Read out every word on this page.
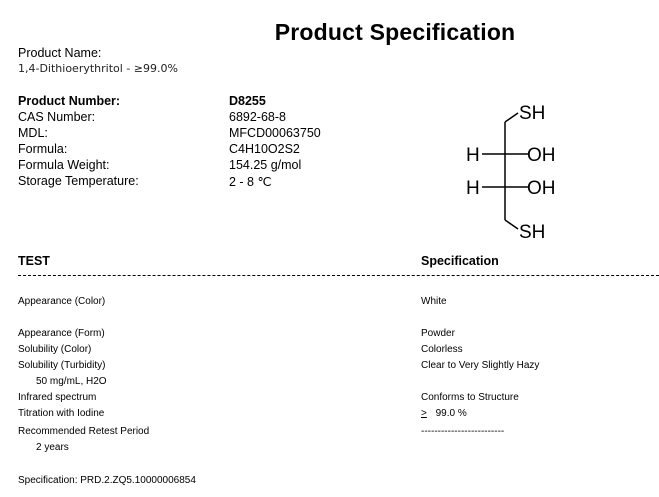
Product Specification
Product Name:
1,4-Dithioerythritol - ≥99.0%
Product Number:	D8255
CAS Number:	6892-68-8
MDL:	MFCD00063750
Formula:	C4H10O2S2
Formula Weight:	154.25 g/mol
Storage Temperature:	2 - 8 ℃
SH
H OH
H OH
SH
TEST	Specification
Appearance (Color)	White
Appearance (Form)	Powder
Solubility (Color)	Colorless
Solubility (Turbidity)	Clear to Very Slightly Hazy
50 mg/mL, H2O
Infrared spectrum	Conforms to Structure
Titration with Iodine	≥ 99.0 %
Recommended Retest Period	-------------------------
2 years
Specification: PRD.2.ZQ5.10000006854
